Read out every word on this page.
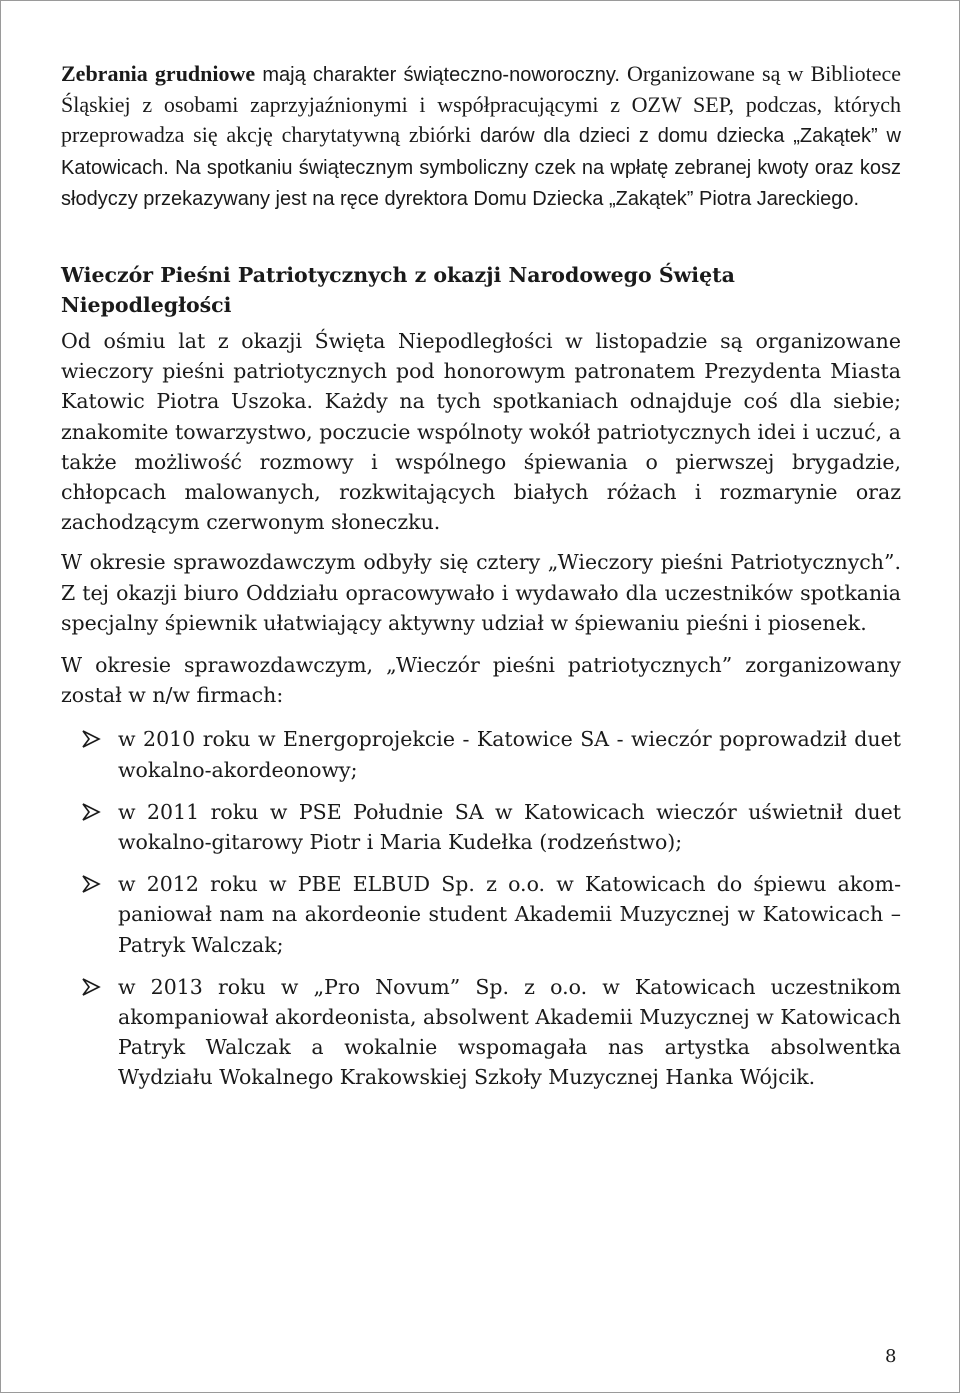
Zebrania grudniowe mają charakter świąteczno-noworoczny. Organizowane są w Bibliotece Śląskiej z osobami zaprzyjaźnionymi i współpracującymi z OZW SEP, podczas, których przeprowadza się akcję charytatywną zbiórki darów dla dzieci z domu dziecka „Zakątek” w Katowicach. Na spotkaniu świątecznym symboliczny czek na wpłatę zebranej kwoty oraz kosz słodyczy przekazywany jest na ręce dyrektora Domu Dziecka „Zakątek” Piotra Jareckiego.

Wieczór Pieśni Patriotycznych z okazji Narodowego Święta Niepodległości

Od ośmiu lat z okazji Święta Niepodległości w listopadzie są organizowane wieczory pieśni patriotycznych pod honorowym patronatem Prezydenta Miasta Katowic Piotra Uszoka. Każdy na tych spotkaniach odnajduje coś dla siebie; znakomite towarzystwo, poczucie wspólnoty wokół patriotycznych idei i uczuć, a także możliwość rozmowy i wspólnego śpiewania o pierwszej brygadzie, chłopcach malowanych, rozkwitających białych różach i rozmarynie oraz zachodzącym czerwonym słoneczku.

W okresie sprawozdawczym odbyły się cztery „Wieczory pieśni Patriotycznych”. Z tej okazji biuro Oddziału opracowywało i wydawało dla uczestników spotkania specjalny śpiewnik ułatwiający aktywny udział w śpiewaniu pieśni i piosenek.

W okresie sprawozdawczym, „Wieczór pieśni patriotycznych” zorganizowany został w n/w firmach:

w 2010 roku w Energoprojekcie - Katowice SA - wieczór poprowadził duet wokalno-akordeonowy;
w 2011 roku w PSE Południe SA w Katowicach wieczór uświetnił duet wokalno-gitarowy Piotr i Maria Kudełka (rodzeństwo);
w 2012 roku w PBE ELBUD Sp. z o.o. w Katowicach do śpiewu akompaniował nam na akordeonie student Akademii Muzycznej w Katowicach – Patryk Walczak;
w 2013 roku w „Pro Novum” Sp. z o.o. w Katowicach uczestnikom akompaniował akordeonista, absolwent Akademii Muzycznej w Katowicach Patryk Walczak a wokalnie wspomagała nas artystka absolwentka Wydziału Wokalnego Krakowskiej Szkoły Muzycznej Hanka Wójcik.
8
